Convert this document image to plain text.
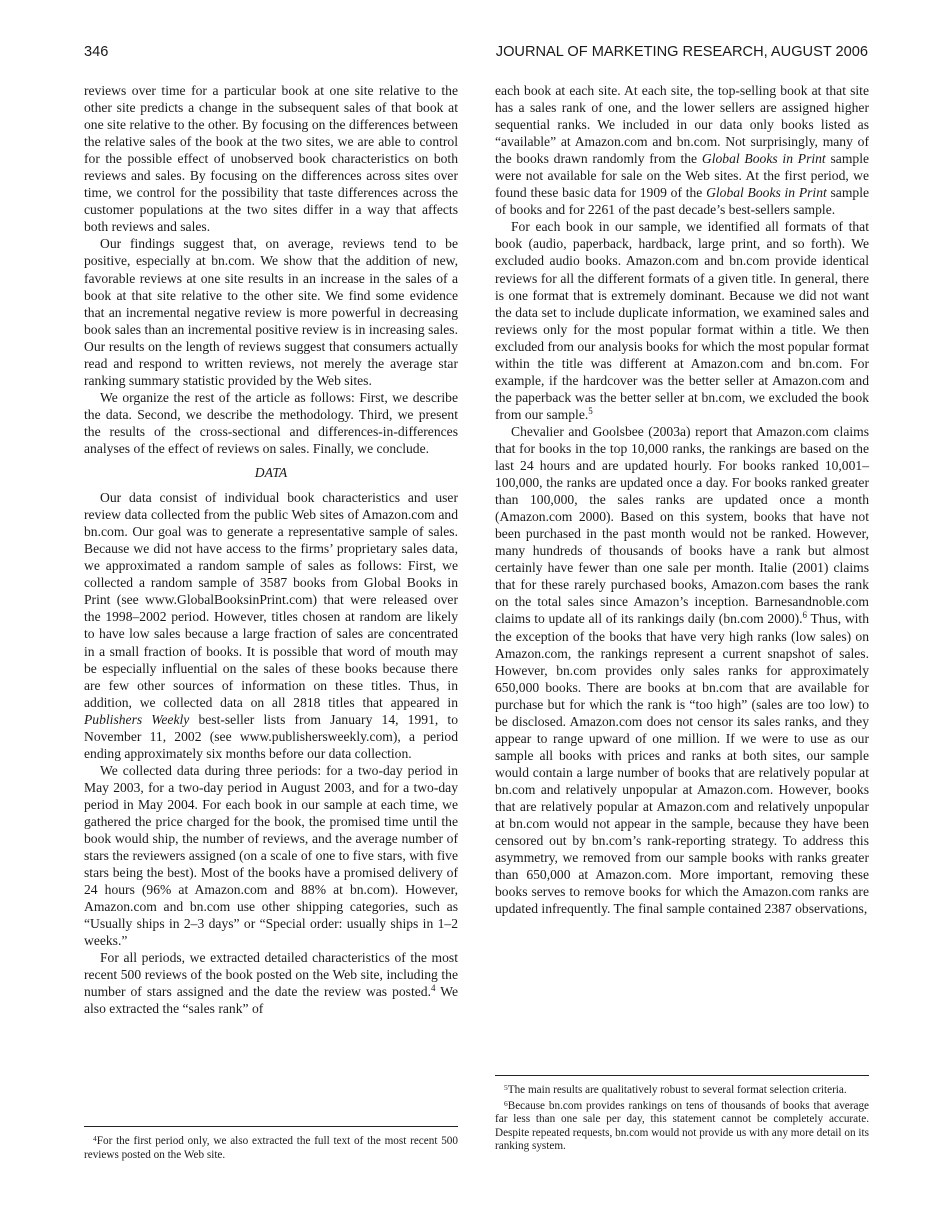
346	JOURNAL OF MARKETING RESEARCH, AUGUST 2006

reviews over time for a particular book at one site relative to the other site predicts a change in the subsequent sales of that book at one site relative to the other. By focusing on the differences between the relative sales of the book at the two sites, we are able to control for the possible effect of unobserved book characteristics on both reviews and sales. By focusing on the differences across sites over time, we control for the possibility that taste differences across the customer populations at the two sites differ in a way that affects both reviews and sales.

Our findings suggest that, on average, reviews tend to be positive, especially at bn.com. We show that the addition of new, favorable reviews at one site results in an increase in the sales of a book at that site relative to the other site. We find some evidence that an incremental negative review is more powerful in decreasing book sales than an incremental positive review is in increasing sales. Our results on the length of reviews suggest that consumers actually read and respond to written reviews, not merely the average star ranking summary statistic provided by the Web sites.

We organize the rest of the article as follows: First, we describe the data. Second, we describe the methodology. Third, we present the results of the cross-sectional and differences-in-differences analyses of the effect of reviews on sales. Finally, we conclude.

DATA

Our data consist of individual book characteristics and user review data collected from the public Web sites of Amazon.com and bn.com. Our goal was to generate a representative sample of sales. Because we did not have access to the firms’ proprietary sales data, we approximated a random sample of sales as follows: First, we collected a random sample of 3587 books from Global Books in Print (see www.GlobalBooksinPrint.com) that were released over the 1998–2002 period. However, titles chosen at random are likely to have low sales because a large fraction of sales are concentrated in a small fraction of books. It is possible that word of mouth may be especially influential on the sales of these books because there are few other sources of information on these titles. Thus, in addition, we collected data on all 2818 titles that appeared in Publishers Weekly best-seller lists from January 14, 1991, to November 11, 2002 (see www.publishersweekly.com), a period ending approximately six months before our data collection.

We collected data during three periods: for a two-day period in May 2003, for a two-day period in August 2003, and for a two-day period in May 2004. For each book in our sample at each time, we gathered the price charged for the book, the promised time until the book would ship, the number of reviews, and the average number of stars the reviewers assigned (on a scale of one to five stars, with five stars being the best). Most of the books have a promised delivery of 24 hours (96% at Amazon.com and 88% at bn.com). However, Amazon.com and bn.com use other shipping categories, such as “Usually ships in 2–3 days” or “Special order: usually ships in 1–2 weeks.”

For all periods, we extracted detailed characteristics of the most recent 500 reviews of the book posted on the Web site, including the number of stars assigned and the date the review was posted.$^4$ We also extracted the “sales rank” of

each book at each site. At each site, the top-selling book at that site has a sales rank of one, and the lower sellers are assigned higher sequential ranks. We included in our data only books listed as “available” at Amazon.com and bn.com. Not surprisingly, many of the books drawn randomly from the Global Books in Print sample were not available for sale on the Web sites. At the first period, we found these basic data for 1909 of the Global Books in Print sample of books and for 2261 of the past decade’s best-sellers sample.

For each book in our sample, we identified all formats of that book (audio, paperback, hardback, large print, and so forth). We excluded audio books. Amazon.com and bn.com provide identical reviews for all the different formats of a given title. In general, there is one format that is extremely dominant. Because we did not want the data set to include duplicate information, we examined sales and reviews only for the most popular format within a title. We then excluded from our analysis books for which the most popular format within the title was different at Amazon.com and bn.com. For example, if the hardcover was the better seller at Amazon.com and the paperback was the better seller at bn.com, we excluded the book from our sample.$^5$

Chevalier and Goolsbee (2003a) report that Amazon.com claims that for books in the top 10,000 ranks, the rankings are based on the last 24 hours and are updated hourly. For books ranked 10,001–100,000, the ranks are updated once a day. For books ranked greater than 100,000, the sales ranks are updated once a month (Amazon.com 2000). Based on this system, books that have not been purchased in the past month would not be ranked. However, many hundreds of thousands of books have a rank but almost certainly have fewer than one sale per month. Italie (2001) claims that for these rarely purchased books, Amazon.com bases the rank on the total sales since Amazon’s inception. Barnesandnoble.com claims to update all of its rankings daily (bn.com 2000).$^6$ Thus, with the exception of the books that have very high ranks (low sales) on Amazon.com, the rankings represent a current snapshot of sales. However, bn.com provides only sales ranks for approximately 650,000 books. There are books at bn.com that are available for purchase but for which the rank is “too high” (sales are too low) to be disclosed. Amazon.com does not censor its sales ranks, and they appear to range upward of one million. If we were to use as our sample all books with prices and ranks at both sites, our sample would contain a large number of books that are relatively popular at bn.com and relatively unpopular at Amazon.com. However, books that are relatively popular at Amazon.com and relatively unpopular at bn.com would not appear in the sample, because they have been censored out by bn.com’s rank-reporting strategy. To address this asymmetry, we removed from our sample books with ranks greater than 650,000 at Amazon.com. More important, removing these books serves to remove books for which the Amazon.com ranks are updated infrequently. The final sample contained 2387 observations,

$^4$For the first period only, we also extracted the full text of the most recent 500 reviews posted on the Web site.

$^5$The main results are qualitatively robust to several format selection criteria.

$^6$Because bn.com provides rankings on tens of thousands of books that average far less than one sale per day, this statement cannot be completely accurate. Despite repeated requests, bn.com would not provide us with any more detail on its ranking system.
